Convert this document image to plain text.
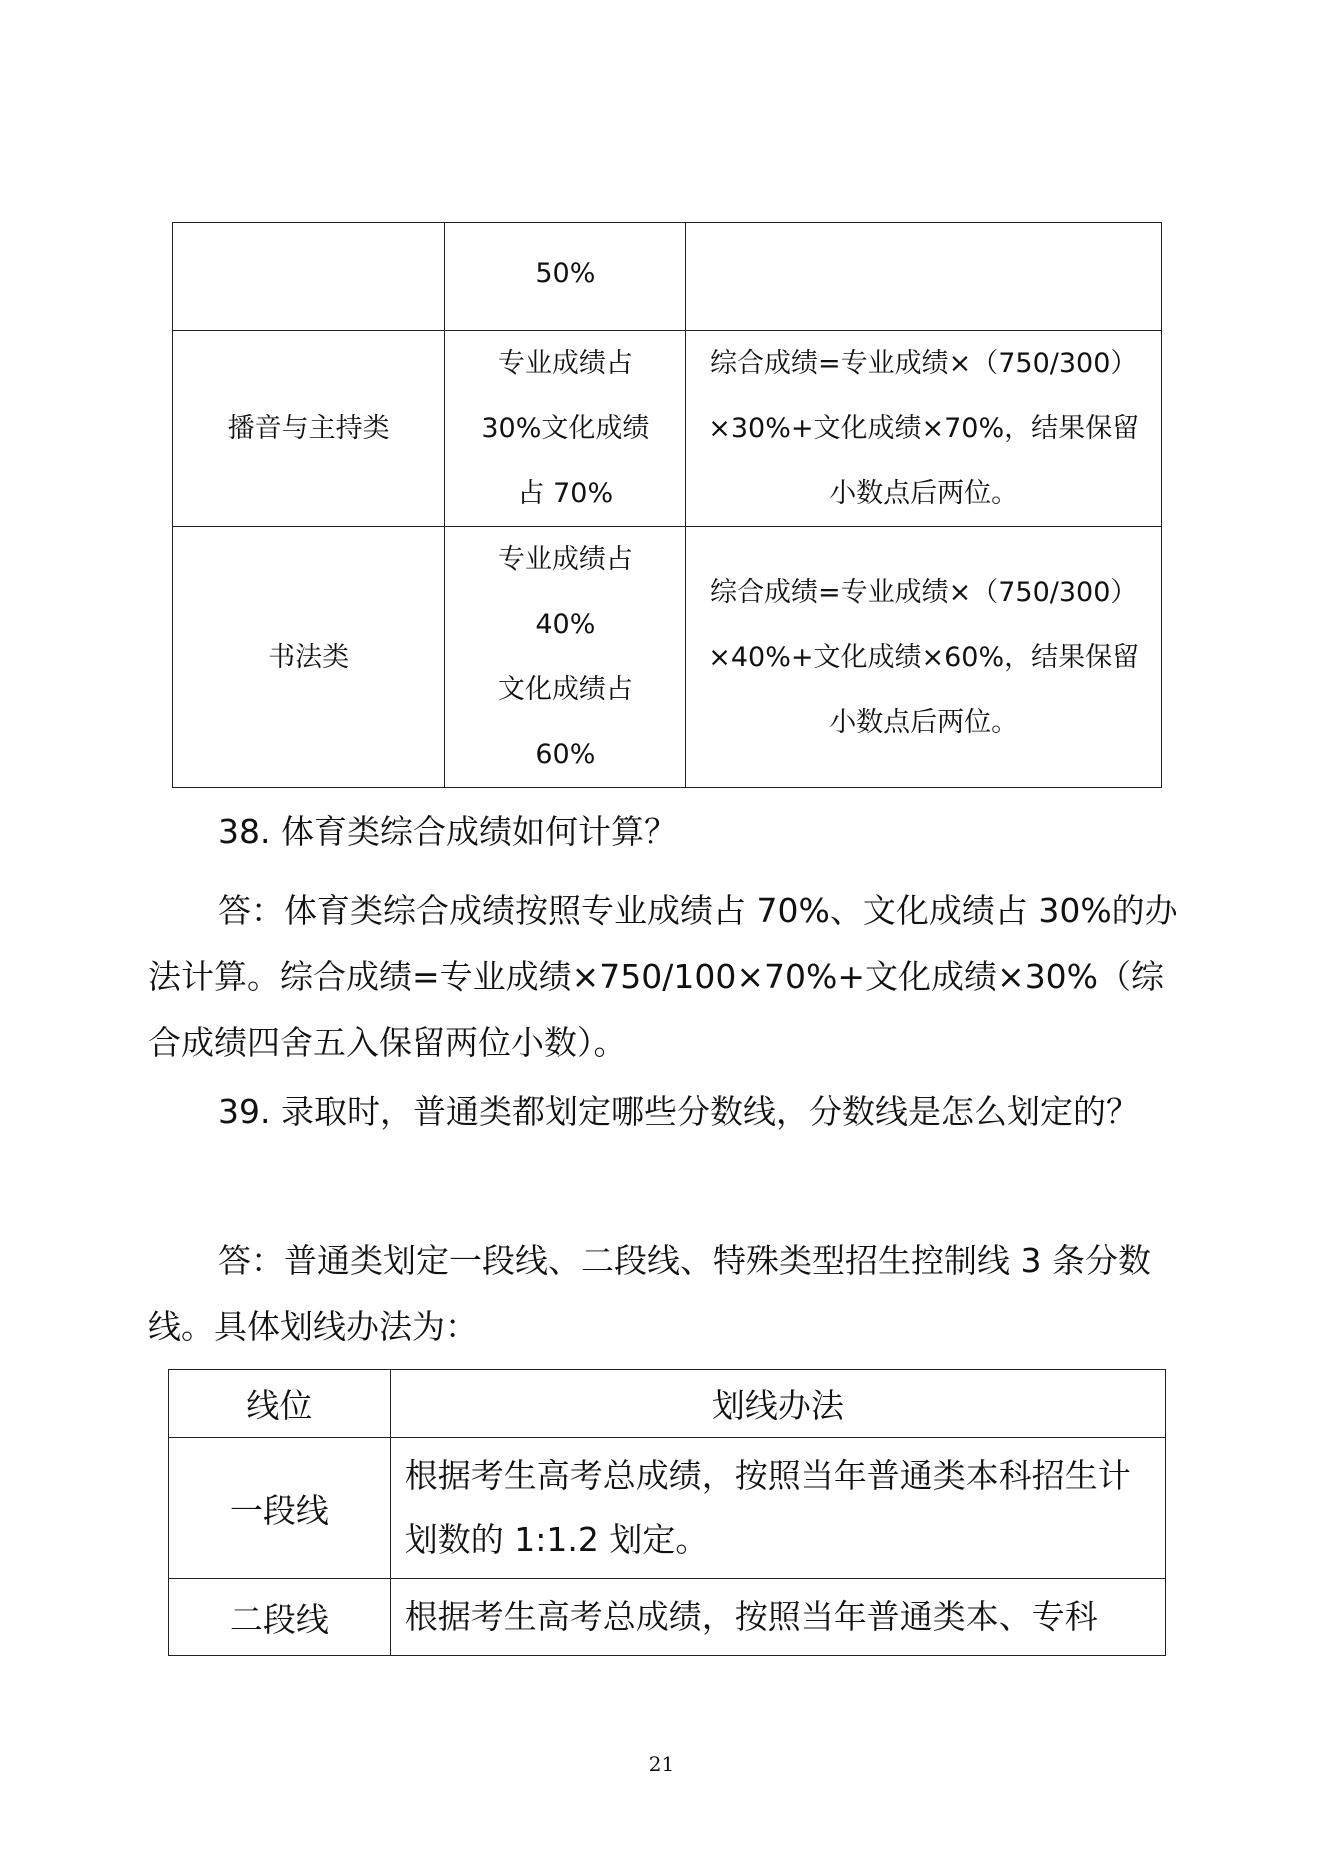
	50%	

播音与主持类	专业成绩占
30%文化成绩
占 70%	综合成绩=专业成绩×（750/300）
×30%+文化成绩×70%，结果保留
小数点后两位。

书法类	专业成绩占
40%
文化成绩占
60%	综合成绩=专业成绩×（750/300）
×40%+文化成绩×60%，结果保留
小数点后两位。
38. 体育类综合成绩如何计算？
答：体育类综合成绩按照专业成绩占 70%、文化成绩占 30%的办法计算。综合成绩=专业成绩×750/100×70%+文化成绩×30%（综合成绩四舍五入保留两位小数）。
39. 录取时，普通类都划定哪些分数线，分数线是怎么划定的？
答：普通类划定一段线、二段线、特殊类型招生控制线 3 条分数线。具体划线办法为：
线位	划线办法
一段线	根据考生高考总成绩，按照当年普通类本科招生计划数的 1:1.2 划定。
二段线	根据考生高考总成绩，按照当年普通类本、专科
21
